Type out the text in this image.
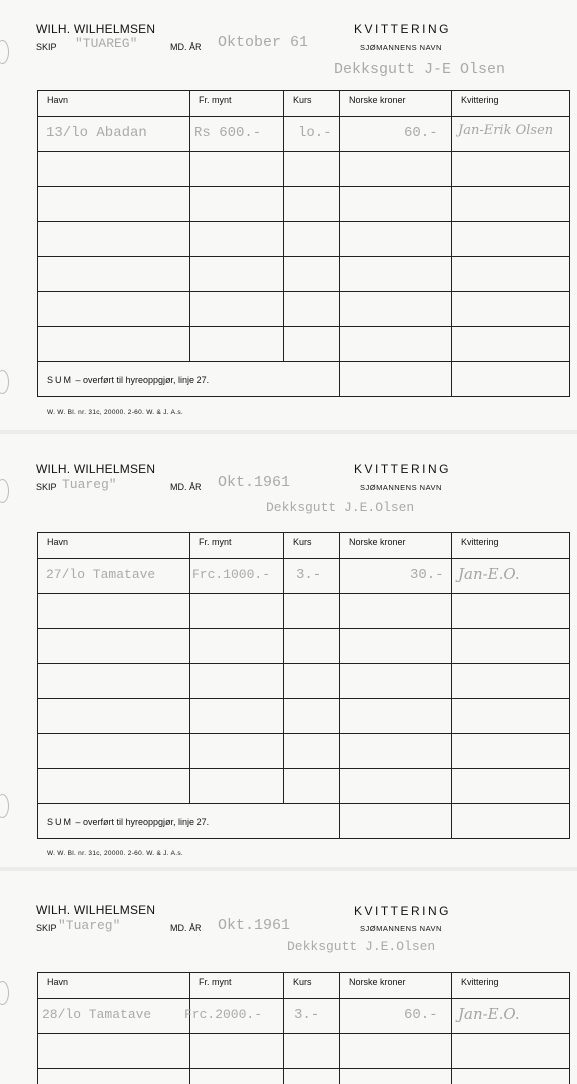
WILH. WILHELMSEN	KVITTERING
SKIP "TUAREG"	MD. ÅR Oktober 61	SJØMANNENS NAVN
Dekksgutt J-E Olsen
Havn	Fr. mynt	Kurs	Norske kroner	Kvittering

13/lo Abadan	Rs 600.-	lo.-	60.-	Jan-Erik Olsen

SUM – overført til hyreoppgjør, linje 27.				

W. W. Bl. nr. 31c, 20000. 2-60. W. & J. A.s.
WILH. WILHELMSEN	KVITTERING
SKIP Tuareg"	MD. ÅR Okt.1961	SJØMANNENS NAVN
Dekksgutt J.E.Olsen
Havn	Fr. mynt	Kurs	Norske kroner	Kvittering

27/lo Tamatave	Frc.1000.-	3.-	30.-	Jan-E.O.

SUM – overført til hyreoppgjør, linje 27.				

W. W. Bl. nr. 31c, 20000. 2-60. W. & J. A.s.
WILH. WILHELMSEN	KVITTERING
SKIP "Tuareg"	MD. ÅR Okt.1961	SJØMANNENS NAVN
Dekksgutt J.E.Olsen
Havn	Fr. mynt	Kurs	Norske kroner	Kvittering

28/lo Tamatave	Frc.2000.-	3.-	60.-	Jan-E.O.
